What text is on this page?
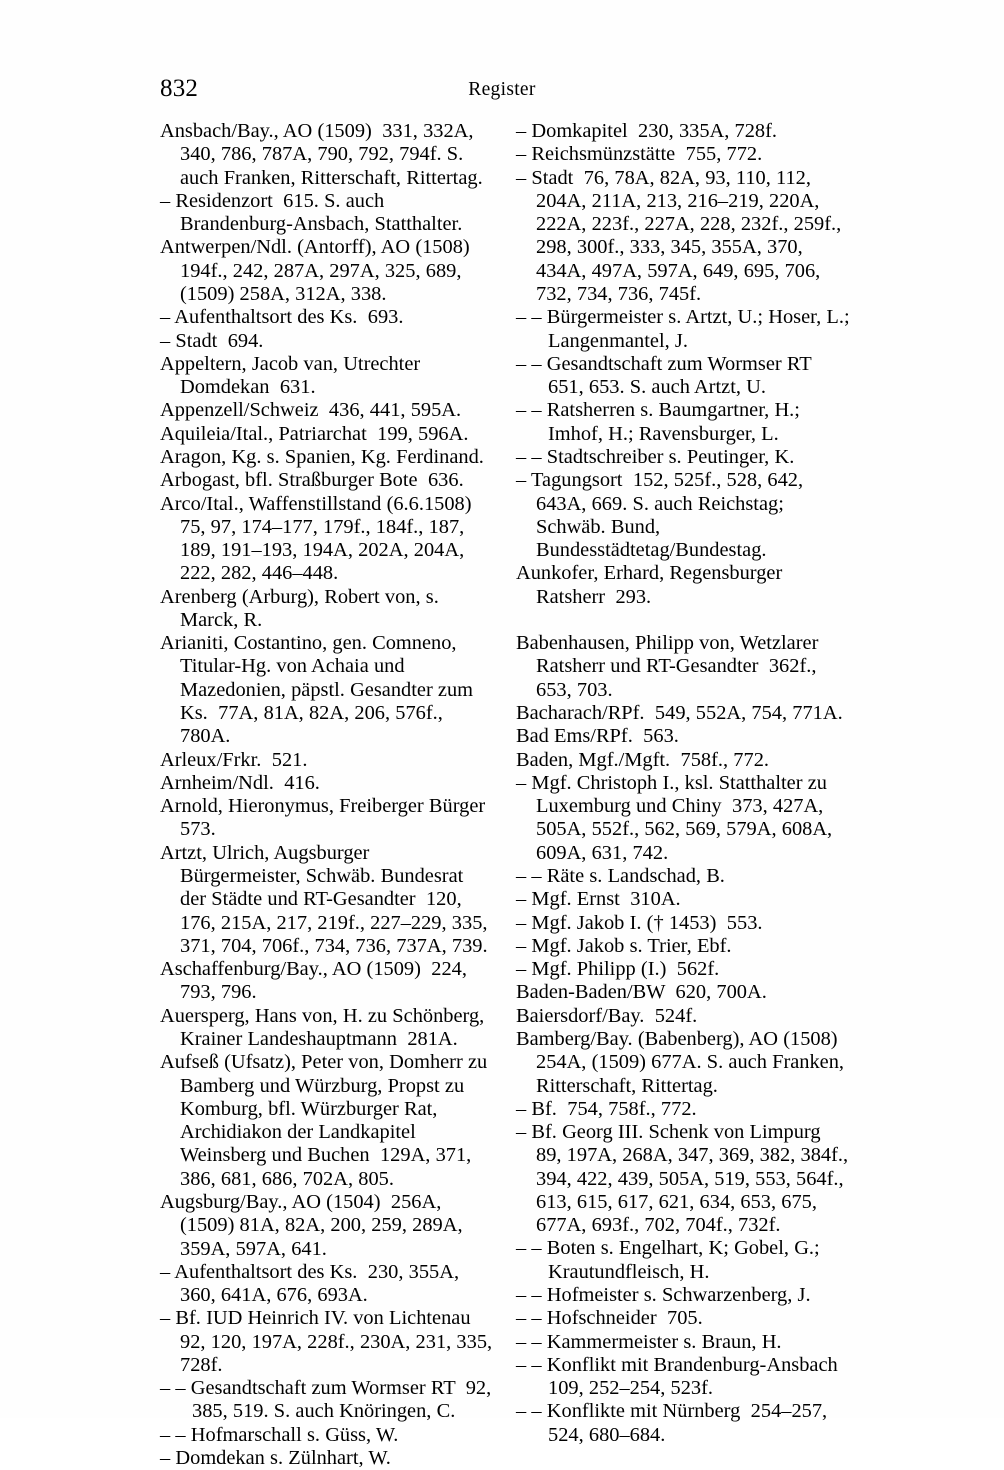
832	Register

Ansbach/Bay., AO (1509)  331, 332A, 340, 786, 787A, 790, 792, 794f. S. auch Franken, Ritterschaft, Rittertag.

– Residenzort  615. S. auch Brandenburg-Ansbach, Statthalter.

Antwerpen/Ndl. (Antorff), AO (1508)  194f., 242, 287A, 297A, 325, 689, (1509) 258A, 312A, 338.

– Aufenthaltsort des Ks.  693.

– Stadt  694.

Appeltern, Jacob van, Utrechter Domdekan  631.

Appenzell/Schweiz  436, 441, 595A.

Aquileia/Ital., Patriarchat  199, 596A.

Aragon, Kg. s. Spanien, Kg. Ferdinand.

Arbogast, bfl. Straßburger Bote  636.

Arco/Ital., Waffenstillstand (6.6.1508)  75, 97, 174–177, 179f., 184f., 187, 189, 191–193, 194A, 202A, 204A, 222, 282, 446–448.

Arenberg (Arburg), Robert von, s. Marck, R.

Arianiti, Costantino, gen. Comneno, Titular-Hg. von Achaia und Mazedonien, päpstl. Gesandter zum Ks.  77A, 81A, 82A, 206, 576f., 780A.

Arleux/Frkr.  521.

Arnheim/Ndl.  416.

Arnold, Hieronymus, Freiberger Bürger  573.

Artzt, Ulrich, Augsburger Bürgermeister, Schwäb. Bundesrat der Städte und RT-Gesandter  120, 176, 215A, 217, 219f., 227–229, 335, 371, 704, 706f., 734, 736, 737A, 739.

Aschaffenburg/Bay., AO (1509)  224, 793, 796.

Auersperg, Hans von, H. zu Schönberg, Krainer Landeshauptmann  281A.

Aufseß (Ufsatz), Peter von, Domherr zu Bamberg und Würzburg, Propst zu Komburg, bfl. Würzburger Rat, Archidiakon der Landkapitel Weinsberg und Buchen  129A, 371, 386, 681, 686, 702A, 805.

Augsburg/Bay., AO (1504)  256A, (1509) 81A, 82A, 200, 259, 289A, 359A, 597A, 641.

– Aufenthaltsort des Ks.  230, 355A, 360, 641A, 676, 693A.

– Bf. IUD Heinrich IV. von Lichtenau  92, 120, 197A, 228f., 230A, 231, 335, 728f.

– – Gesandtschaft zum Wormser RT  92, 385, 519. S. auch Knöringen, C.

– – Hofmarschall s. Güss, W.

– Domdekan s. Zülnhart, W.

– Domkapitel  230, 335A, 728f.

– Reichsmünzstätte  755, 772.

– Stadt  76, 78A, 82A, 93, 110, 112, 204A, 211A, 213, 216–219, 220A, 222A, 223f., 227A, 228, 232f., 259f., 298, 300f., 333, 345, 355A, 370, 434A, 497A, 597A, 649, 695, 706, 732, 734, 736, 745f.

– – Bürgermeister s. Artzt, U.; Hoser, L.; Langenmantel, J.

– – Gesandtschaft zum Wormser RT  651, 653. S. auch Artzt, U.

– – Ratsherren s. Baumgartner, H.; Imhof, H.; Ravensburger, L.

– – Stadtschreiber s. Peutinger, K.

– Tagungsort  152, 525f., 528, 642, 643A, 669. S. auch Reichstag; Schwäb. Bund, Bundesstädtetag/Bundestag.

Aunkofer, Erhard, Regensburger Ratsherr  293.

Babenhausen, Philipp von, Wetzlarer Ratsherr und RT-Gesandter  362f., 653, 703.

Bacharach/RPf.  549, 552A, 754, 771A.

Bad Ems/RPf.  563.

Baden, Mgf./Mgft.  758f., 772.

– Mgf. Christoph I., ksl. Statthalter zu Luxemburg und Chiny  373, 427A, 505A, 552f., 562, 569, 579A, 608A, 609A, 631, 742.

– – Räte s. Landschad, B.

– Mgf. Ernst  310A.

– Mgf. Jakob I. († 1453)  553.

– Mgf. Jakob s. Trier, Ebf.

– Mgf. Philipp (I.)  562f.

Baden-Baden/BW  620, 700A.

Baiersdorf/Bay.  524f.

Bamberg/Bay. (Babenberg), AO (1508) 254A, (1509) 677A. S. auch Franken, Ritterschaft, Rittertag.

– Bf.  754, 758f., 772.

– Bf. Georg III. Schenk von Limpurg  89, 197A, 268A, 347, 369, 382, 384f., 394, 422, 439, 505A, 519, 553, 564f., 613, 615, 617, 621, 634, 653, 675, 677A, 693f., 702, 704f., 732f.

– – Boten s. Engelhart, K; Gobel, G.; Krautundfleisch, H.

– – Hofmeister s. Schwarzenberg, J.

– – Hofschneider  705.

– – Kammermeister s. Braun, H.

– – Konflikt mit Brandenburg-Ansbach  109, 252–254, 523f.

– – Konflikte mit Nürnberg  254–257, 524, 680–684.
